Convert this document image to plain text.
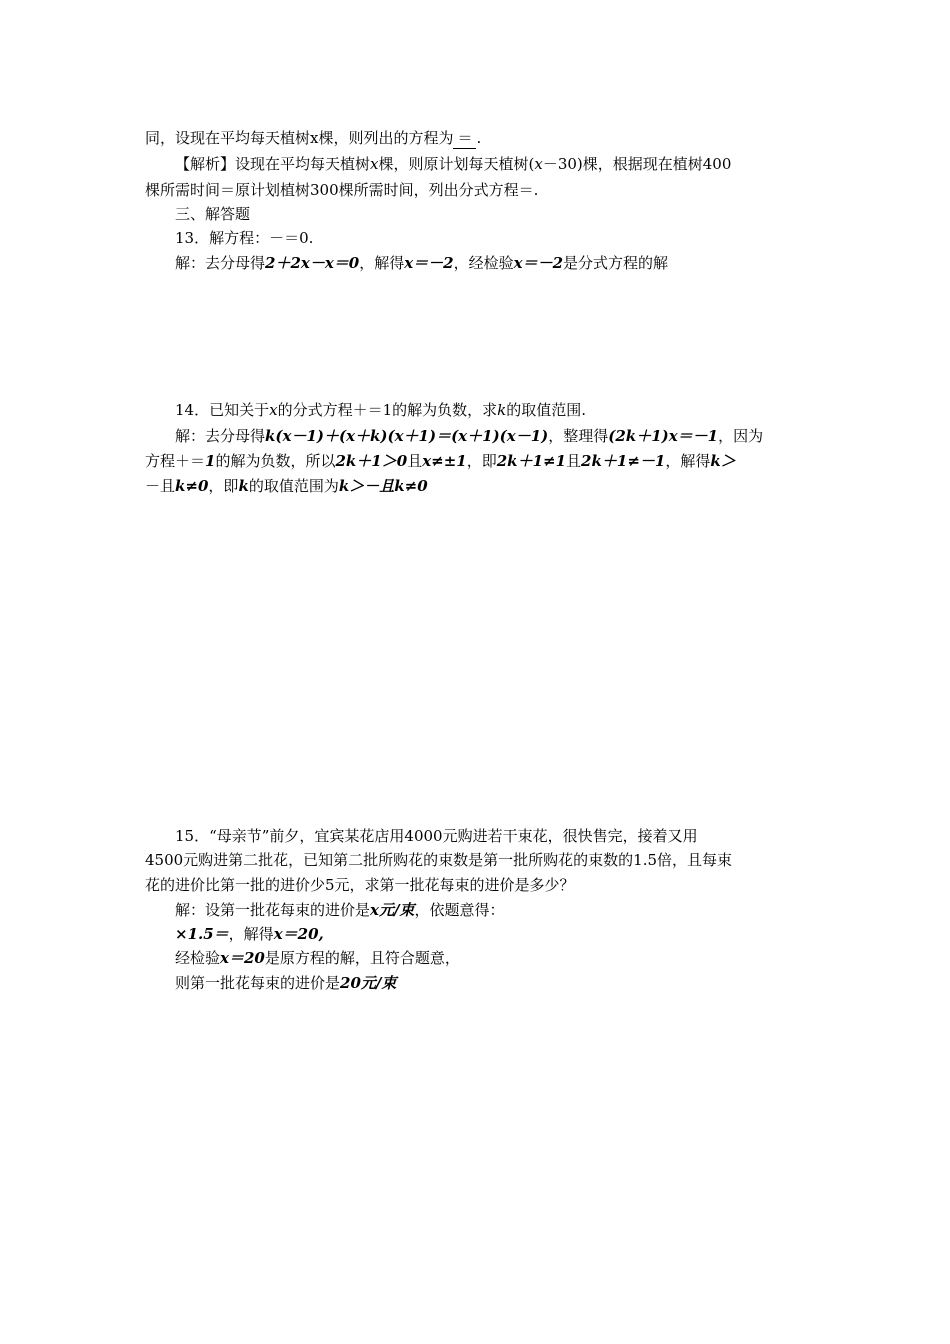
同，设现在平均每天植树x棵，则列出的方程为 ＝ .
【解析】设现在平均每天植树x棵，则原计划每天植树(x－30)棵，根据现在植树400
棵所需时间＝原计划植树300棵所需时间，列出分式方程＝.
三、解答题
13．解方程：－＝0.
解：去分母得2＋2x－x＝0，解得x＝－2，经检验x＝－2是分式方程的解
14．已知关于x的分式方程＋＝1的解为负数，求k的取值范围.
解：去分母得k(x－1)＋(x＋k)(x＋1)＝(x＋1)(x－1)，整理得(2k＋1)x＝－1，因为
方程＋＝1的解为负数，所以2k＋1＞0且x≠±1，即2k＋1≠1且2k＋1≠－1，解得k＞
－且k≠0，即k的取值范围为k＞－且k≠0
15．“母亲节”前夕，宜宾某花店用4000元购进若干束花，很快售完，接着又用
4500元购进第二批花，已知第二批所购花的束数是第一批所购花的束数的1.5倍，且每束
花的进价比第一批的进价少5元，求第一批花每束的进价是多少？
解：设第一批花每束的进价是x元/束，依题意得：
×1.5＝，解得x＝20,
经检验x＝20是原方程的解，且符合题意，
则第一批花每束的进价是20元/束
